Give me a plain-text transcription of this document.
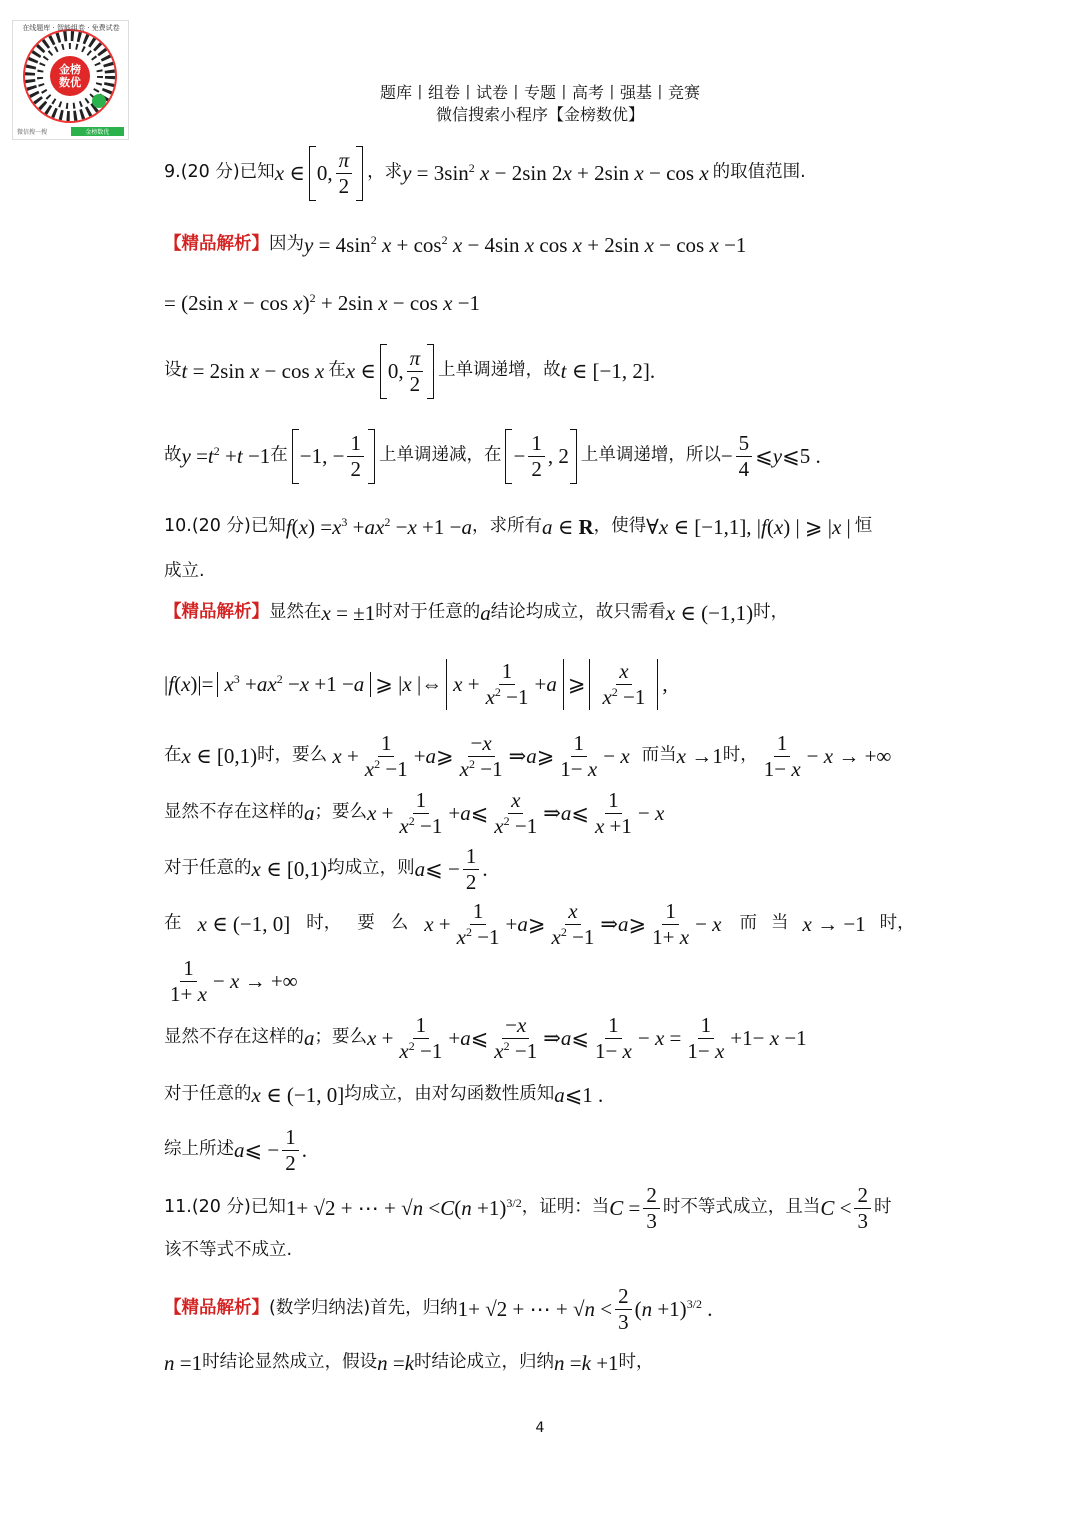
金榜
数优
在线题库 · 智能组卷 · 免费试卷
微信搜一搜	金榜数优
题库丨组卷丨试卷丨专题丨高考丨强基丨竞赛
微信搜索小程序【金榜数优】
9.(20 分)已知 x ∈ 0, $\frac{\pi}{2}$ ，求 $y = 3\sin^2$ x − 2sin 2 x + 2sin x − cos x 的取值范围.
【精品解析】 因为 $y = 4\sin^2$ $x + \cos^2 x - 4\sin$ x cos x + 2sin x − cos x −1
= (2sin x − cos x )$^2$ + 2sin x − cos x −1
设 t = 2sin x − cos x 在 x ∈ 0, $\frac{\pi}{2}$ 上单调递增，故 t ∈ [−1, 2].
故 y = t $^2$ + t −1 在 −1, − $\frac{1}{2}$ 上单调递减，在 − $\frac{1}{2}$ , 2 上单调递增，所以 − $\frac{5}{4}$ ⩽ y ⩽5 .
10.(20 分)已知 f ( x ) = x $^3$ + ax $^2$ − x +1 − a ，求所有 a ∈ R ，使得 ∀ x ∈ [−1,1], | f ( x ) | ⩾ | x | 恒
成立.
【精品解析】 显然在 x = ±1 时对于任意的 a 结论均成立，故只需看 x ∈ (−1,1) 时，
| f ( x )|= x $^3$ + ax $^2$ − x +1 − a ⩾ | x |⇔ $x + \frac{1}{x^2 -1} + a$ ⩾ $\frac{x}{x^2 -1}$ ,
在 x ∈ [0,1) 时，要么 $x + \frac{1}{x^2 -1} + a$ ⩾ $\frac{-x}{x^2 -1}$ ⇒ a ⩾ $\frac{1}{1- x} - x$ 而当 x →1 时， $\frac{1}{1- x} - x$ → +∞
显然不存在这样的 a ；要么 $x + \frac{1}{x^2 -1} + a$ ⩽ $\frac{x}{x^2 -1}$ ⇒ a ⩽ $\frac{1}{x +1} - x$
对于任意的 x ∈ [0,1) 均成立，则 a ⩽ − $\frac{1}{2}$ .
在 x ∈ (−1, 0] 时， 要 么 $x + \frac{1}{x^2 -1} + a$ ⩾ $\frac{x}{x^2 -1}$ ⇒ a ⩾ $\frac{1}{1+ x} - x$ 而 当 x → −1 时，
$\frac{1}{1+ x} - x$ → +∞
显然不存在这样的 a ；要么 $x + \frac{1}{x^2 -1} + a$ ⩽ $\frac{-x}{x^2 -1}$ ⇒ a ⩽ $\frac{1}{1- x} - x = \frac{1}{1- x} +1- x -1$
对于任意的 x ∈ (−1, 0] 均成立，由对勾函数性质知 a ⩽1 .
综上所述 a ⩽ − $\frac{1}{2}$ .
11.(20 分)已知 1+ √2 + ⋯ + √ n < C ( n +1)$^{3/2}$ ，证明：当 $C = \frac{2}{3}$ 时不等式成立，且当 $C < \frac{2}{3}$ 时
该不等式不成立.
【精品解析】 (数学归纳法)首先，归纳 1+ √2 + ⋯ + √ $n < \frac{2}{3}$ ( n +1)$^{3/2}$ .
n =1 时结论显然成立，假设 n = k 时结论成立，归纳 n = k +1 时，
4
